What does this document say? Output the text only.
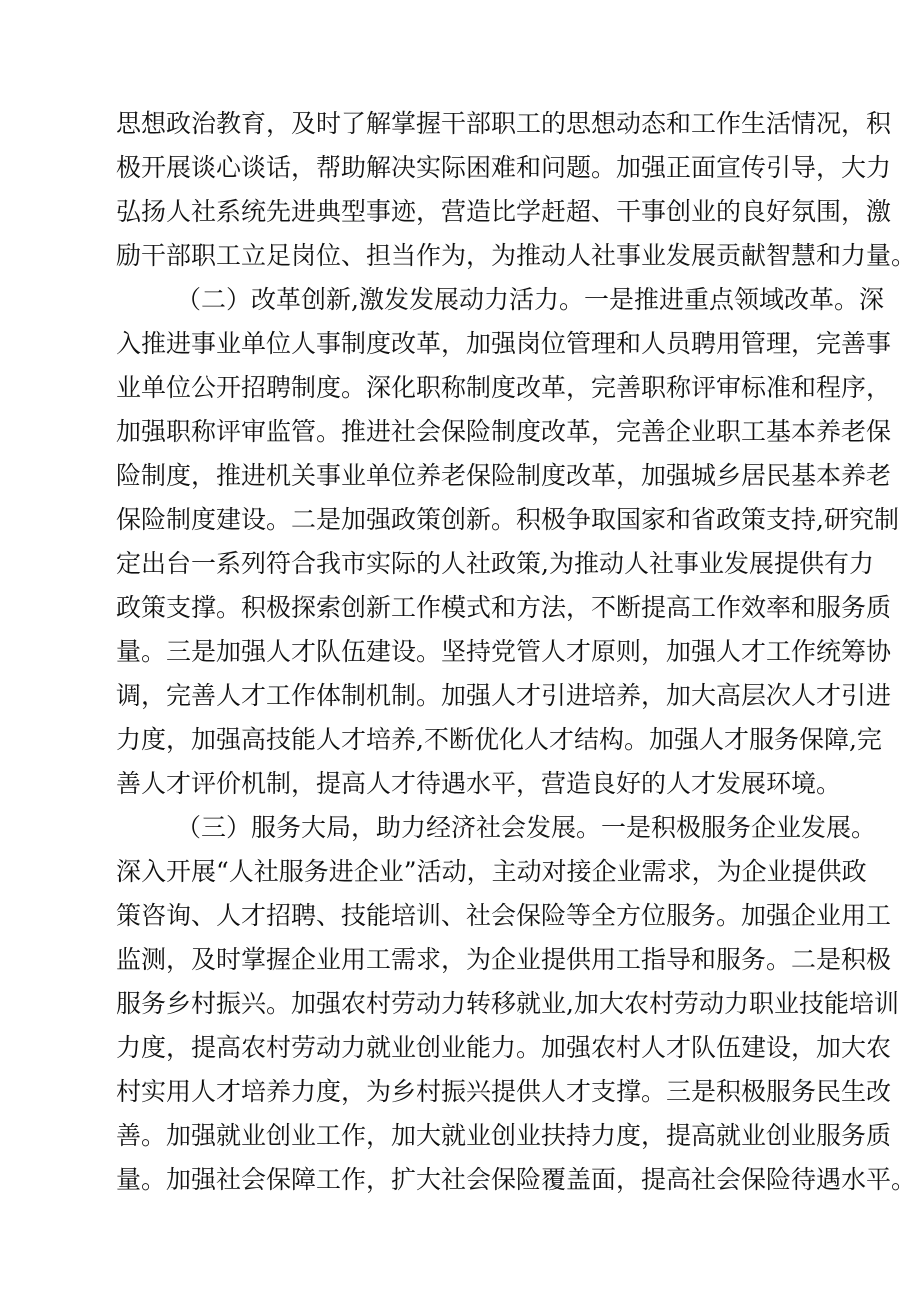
思想政治教育，及时了解掌握干部职工的思想动态和工作生活情况，积
极开展谈心谈话，帮助解决实际困难和问题。加强正面宣传引导，大力
弘扬人社系统先进典型事迹，营造比学赶超、干事创业的良好氛围，激
励干部职工立足岗位、担当作为，为推动人社事业发展贡献智慧和力量。
（二）改革创新,激发发展动力活力。一是推进重点领域改革。深
入推进事业单位人事制度改革，加强岗位管理和人员聘用管理，完善事
业单位公开招聘制度。深化职称制度改革，完善职称评审标准和程序，
加强职称评审监管。推进社会保险制度改革，完善企业职工基本养老保
险制度，推进机关事业单位养老保险制度改革，加强城乡居民基本养老
保险制度建设。二是加强政策创新。积极争取国家和省政策支持,研究制
定出台一系列符合我市实际的人社政策,为推动人社事业发展提供有力
政策支撑。积极探索创新工作模式和方法，不断提高工作效率和服务质
量。三是加强人才队伍建设。坚持党管人才原则，加强人才工作统筹协
调，完善人才工作体制机制。加强人才引进培养，加大高层次人才引进
力度，加强高技能人才培养,不断优化人才结构。加强人才服务保障,完
善人才评价机制，提高人才待遇水平，营造良好的人才发展环境。
（三）服务大局，助力经济社会发展。一是积极服务企业发展。
深入开展“人社服务进企业”活动，主动对接企业需求，为企业提供政
策咨询、人才招聘、技能培训、社会保险等全方位服务。加强企业用工
监测，及时掌握企业用工需求，为企业提供用工指导和服务。二是积极
服务乡村振兴。加强农村劳动力转移就业,加大农村劳动力职业技能培训
力度，提高农村劳动力就业创业能力。加强农村人才队伍建设，加大农
村实用人才培养力度，为乡村振兴提供人才支撑。三是积极服务民生改
善。加强就业创业工作，加大就业创业扶持力度，提高就业创业服务质
量。加强社会保障工作，扩大社会保险覆盖面，提高社会保险待遇水平。
